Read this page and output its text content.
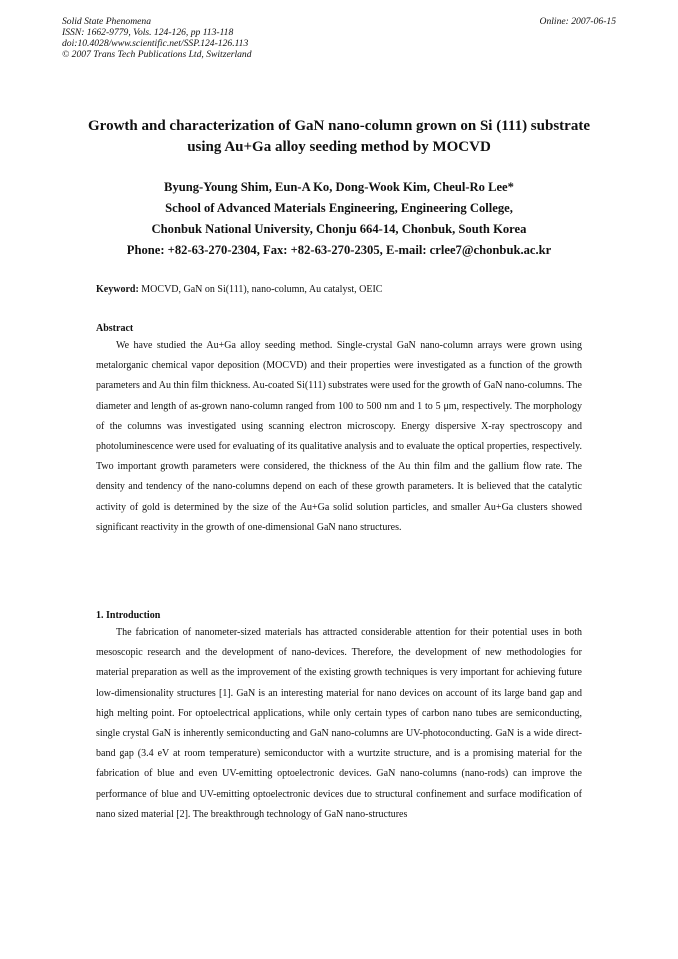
Solid State Phenomena
ISSN: 1662-9779, Vols. 124-126, pp 113-118
doi:10.4028/www.scientific.net/SSP.124-126.113
© 2007 Trans Tech Publications Ltd, Switzerland
Online: 2007-06-15
Growth and characterization of GaN nano-column grown on Si (111) substrate
using Au+Ga alloy seeding method by MOCVD
Byung-Young Shim, Eun-A Ko, Dong-Wook Kim, Cheul-Ro Lee*
School of Advanced Materials Engineering, Engineering College,
Chonbuk National University, Chonju 664-14, Chonbuk, South Korea
Phone: +82-63-270-2304, Fax: +82-63-270-2305, E-mail: crlee7@chonbuk.ac.kr
Keyword: MOCVD, GaN on Si(111), nano-column, Au catalyst, OEIC
Abstract

We have studied the Au+Ga alloy seeding method. Single-crystal GaN nano-column arrays were grown using metalorganic chemical vapor deposition (MOCVD) and their properties were investigated as a function of the growth parameters and Au thin film thickness. Au-coated Si(111) substrates were used for the growth of GaN nano-columns. The diameter and length of as-grown nano-column ranged from 100 to 500 nm and 1 to 5 μm, respectively. The morphology of the columns was investigated using scanning electron microscopy. Energy dispersive X-ray spectroscopy and photoluminescence were used for evaluating of its qualitative analysis and to evaluate the optical properties, respectively. Two important growth parameters were considered, the thickness of the Au thin film and the gallium flow rate. The density and tendency of the nano-columns depend on each of these growth parameters. It is believed that the catalytic activity of gold is determined by the size of the Au+Ga solid solution particles, and smaller Au+Ga clusters showed significant reactivity in the growth of one-dimensional GaN nano structures.

1. Introduction

The fabrication of nanometer-sized materials has attracted considerable attention for their potential uses in both mesoscopic research and the development of nano-devices. Therefore, the development of new methodologies for material preparation as well as the improvement of the existing growth techniques is very important for achieving future low-dimensionality structures [1]. GaN is an interesting material for nano devices on account of its large band gap and high melting point. For optoelectrical applications, while only certain types of carbon nano tubes are semiconducting, single crystal GaN is inherently semiconducting and GaN nano-columns are UV-photoconducting. GaN is a wide direct-band gap (3.4 eV at room temperature) semiconductor with a wurtzite structure, and is a promising material for the fabrication of blue and even UV-emitting optoelectronic devices. GaN nano-columns (nano-rods) can improve the performance of blue and UV-emitting optoelectronic devices due to structural confinement and surface modification of nano sized material [2]. The breakthrough technology of GaN nano-structures
